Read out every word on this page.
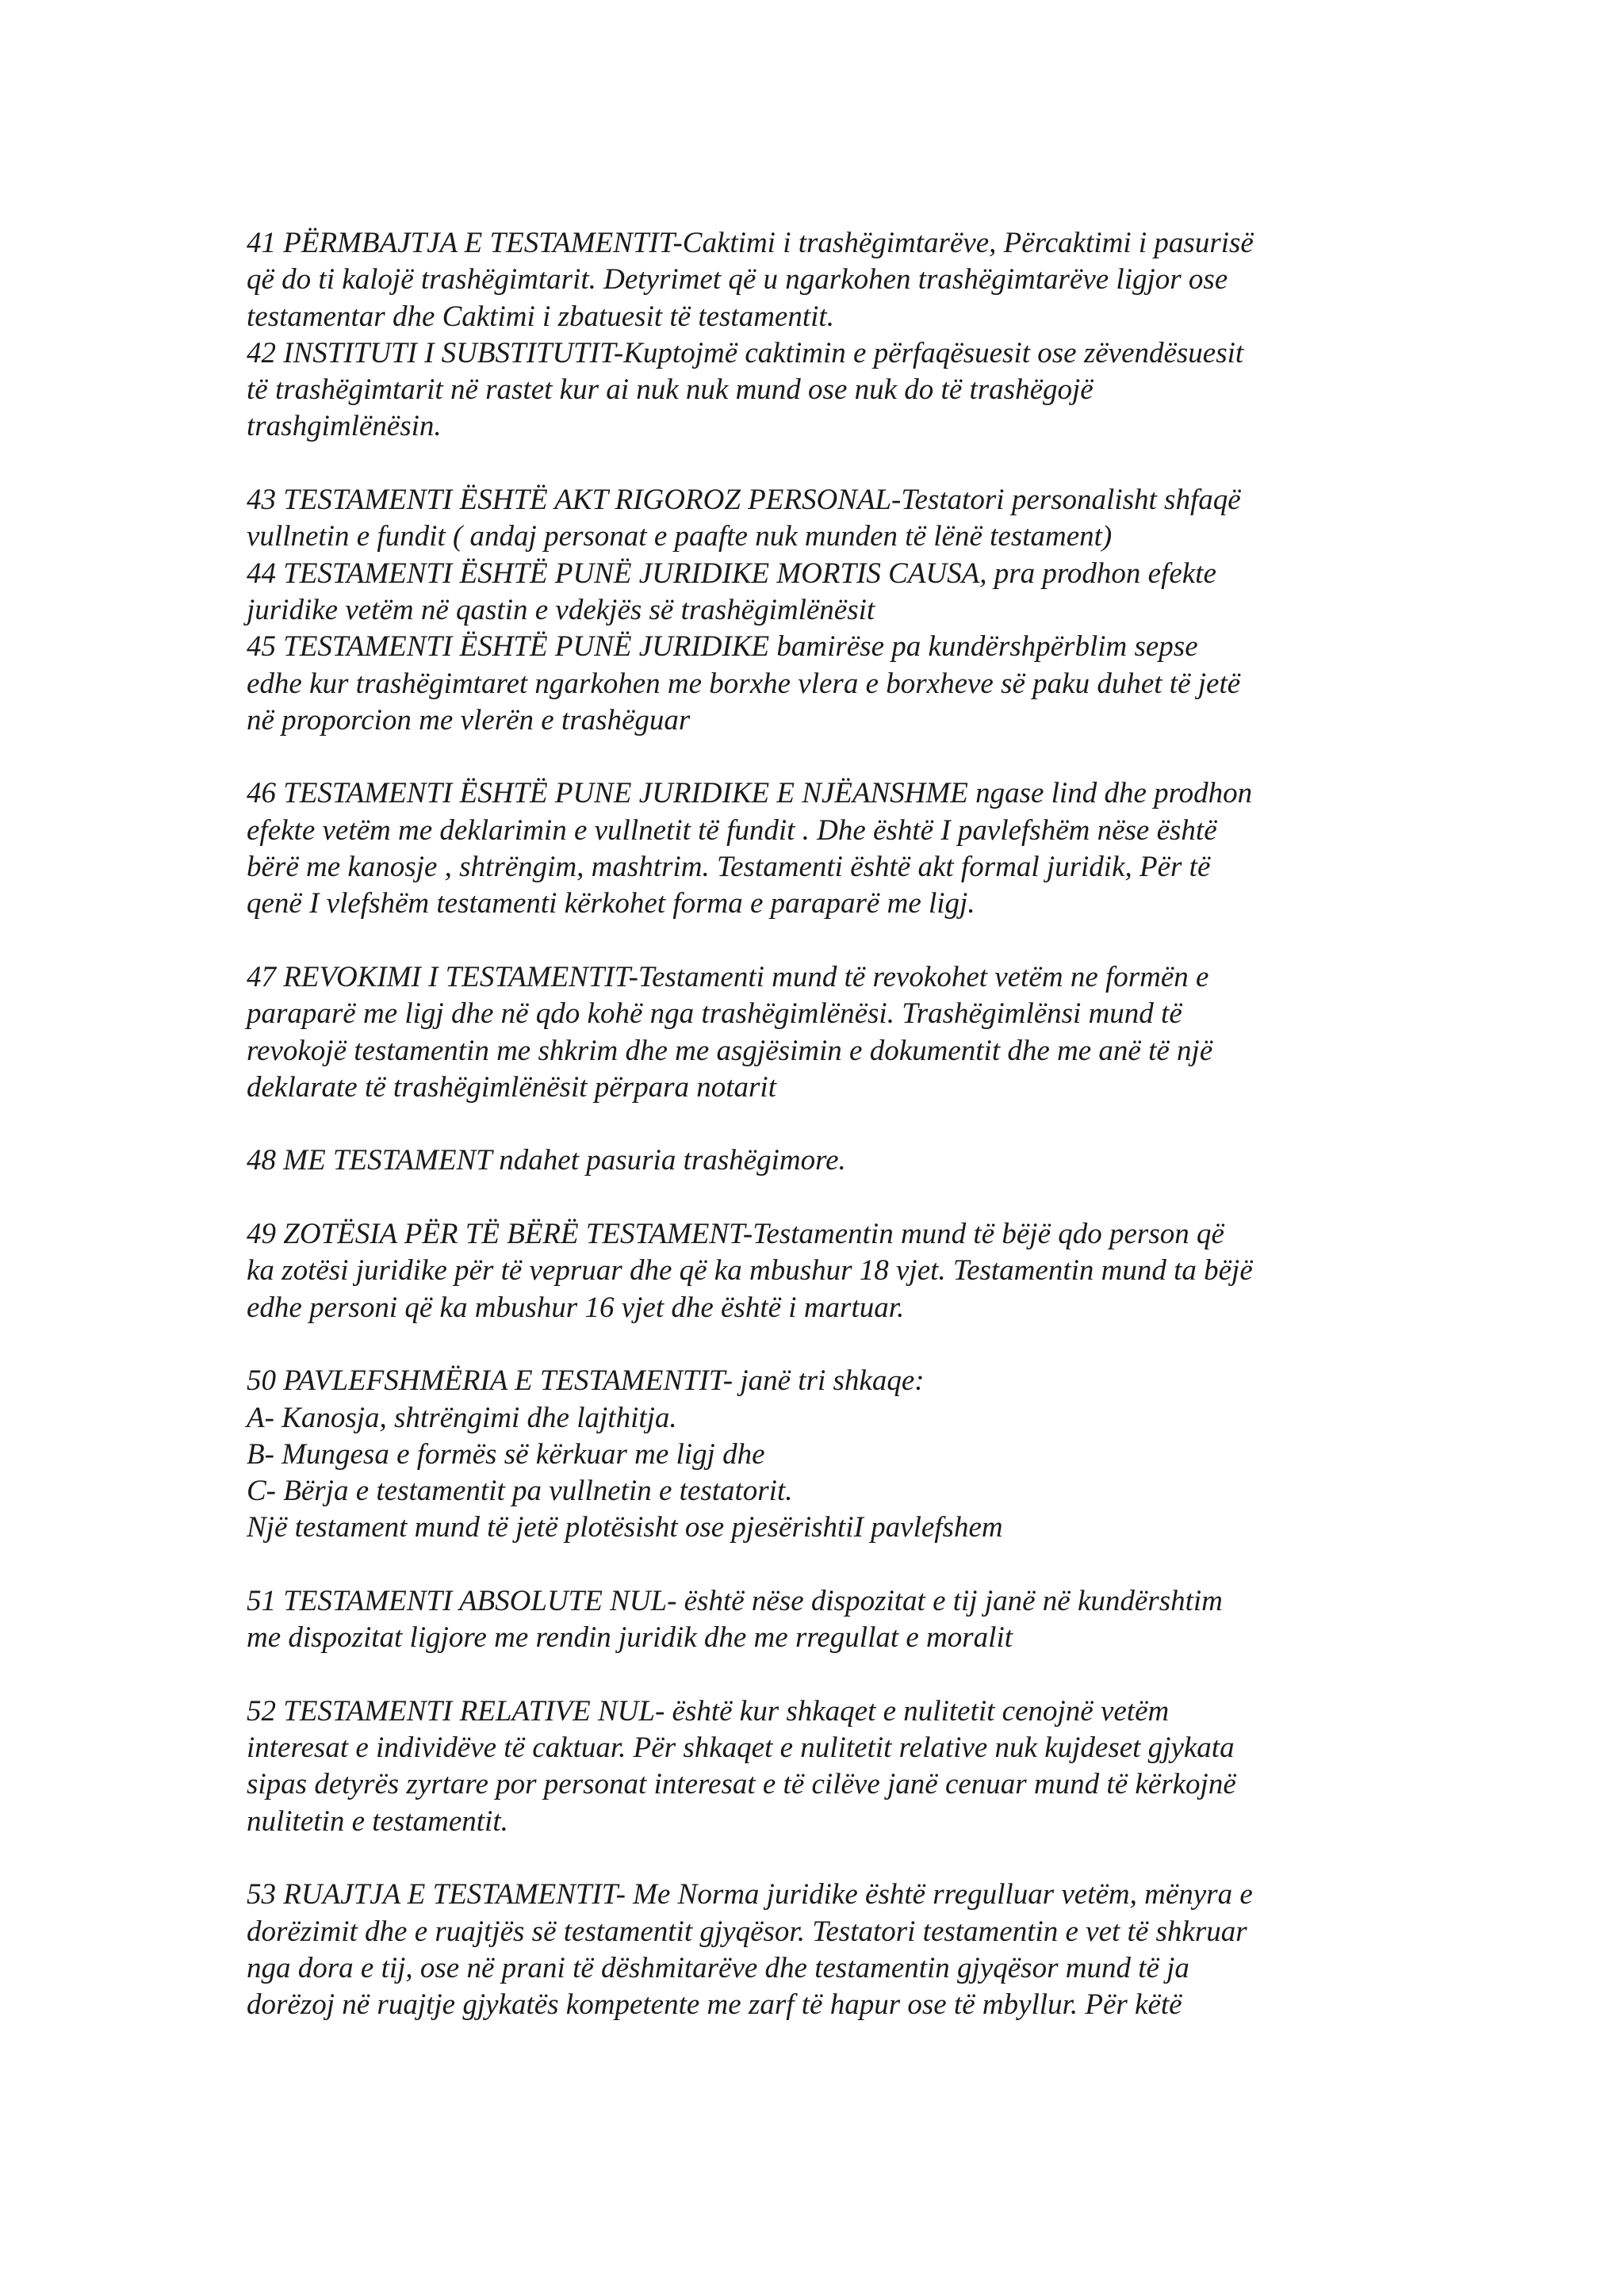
41 PËRMBAJTJA E TESTAMENTIT-Caktimi i trashëgimtarëve, Përcaktimi i pasurisë
që do ti kalojë trashëgimtarit. Detyrimet që u ngarkohen trashëgimtarëve ligjor ose
testamentar dhe Caktimi i zbatuesit të testamentit.
42 INSTITUTI I SUBSTITUTIT-Kuptojmë caktimin e përfaqësuesit ose zëvendësuesit
të trashëgimtarit në rastet kur ai nuk nuk mund ose nuk do të trashëgojë
trashgimlënësin.
43 TESTAMENTI ËSHTË AKT RIGOROZ PERSONAL-Testatori personalisht shfaqë
vullnetin e fundit ( andaj personat e paafte nuk munden të lënë testament)
44 TESTAMENTI ËSHTË PUNË JURIDIKE MORTIS CAUSA, pra prodhon efekte
juridike vetëm në qastin e vdekjës së trashëgimlënësit
45 TESTAMENTI ËSHTË PUNË JURIDIKE bamirëse pa kundërshpërblim sepse
edhe kur trashëgimtaret ngarkohen me borxhe vlera e borxheve së paku duhet të jetë
në proporcion me vlerën e trashëguar
46 TESTAMENTI ËSHTË PUNE JURIDIKE E NJËANSHME ngase lind dhe prodhon
efekte vetëm me deklarimin e vullnetit të fundit . Dhe është I pavlefshëm nëse është
bërë me kanosje , shtrëngim, mashtrim. Testamenti është akt formal juridik, Për të
qenë I vlefshëm testamenti kërkohet forma e paraparë me ligj.
47 REVOKIMI I TESTAMENTIT-Testamenti mund të revokohet vetëm ne formën e
paraparë me ligj dhe në qdo kohë nga trashëgimlënësi. Trashëgimlënsi mund të
revokojë testamentin me shkrim dhe me asgjësimin e dokumentit dhe me anë të një
deklarate të trashëgimlënësit përpara notarit
48 ME TESTAMENT ndahet pasuria trashëgimore.
49 ZOTËSIA PËR TË BËRË TESTAMENT-Testamentin mund të bëjë qdo person që
ka zotësi juridike për të vepruar dhe që ka mbushur 18 vjet. Testamentin mund ta bëjë
edhe personi që ka mbushur 16 vjet dhe është i martuar.
50 PAVLEFSHMËRIA E TESTAMENTIT- janë tri shkaqe:
A- Kanosja, shtrëngimi dhe lajthitja.
B- Mungesa e formës së kërkuar me ligj dhe
C- Bërja e testamentit pa vullnetin e testatorit.
Një testament mund të jetë plotësisht ose pjesërishtiI pavlefshem
51 TESTAMENTI ABSOLUTE NUL- është nëse dispozitat e tij janë në kundërshtim
me dispozitat ligjore me rendin juridik dhe me rregullat e moralit
52 TESTAMENTI RELATIVE NUL- është kur shkaqet e nulitetit cenojnë vetëm
interesat e individëve të caktuar. Për shkaqet e nulitetit relative nuk kujdeset gjykata
sipas detyrës zyrtare por personat interesat e të cilëve janë cenuar mund të kërkojnë
nulitetin e testamentit.
53 RUAJTJA E TESTAMENTIT- Me Norma juridike është rregulluar vetëm, mënyra e
dorëzimit dhe e ruajtjës së testamentit gjyqësor. Testatori testamentin e vet të shkruar
nga dora e tij, ose në prani të dëshmitarëve dhe testamentin gjyqësor mund të ja
dorëzoj në ruajtje gjykatës kompetente me zarf të hapur ose të mbyllur. Për këtë
